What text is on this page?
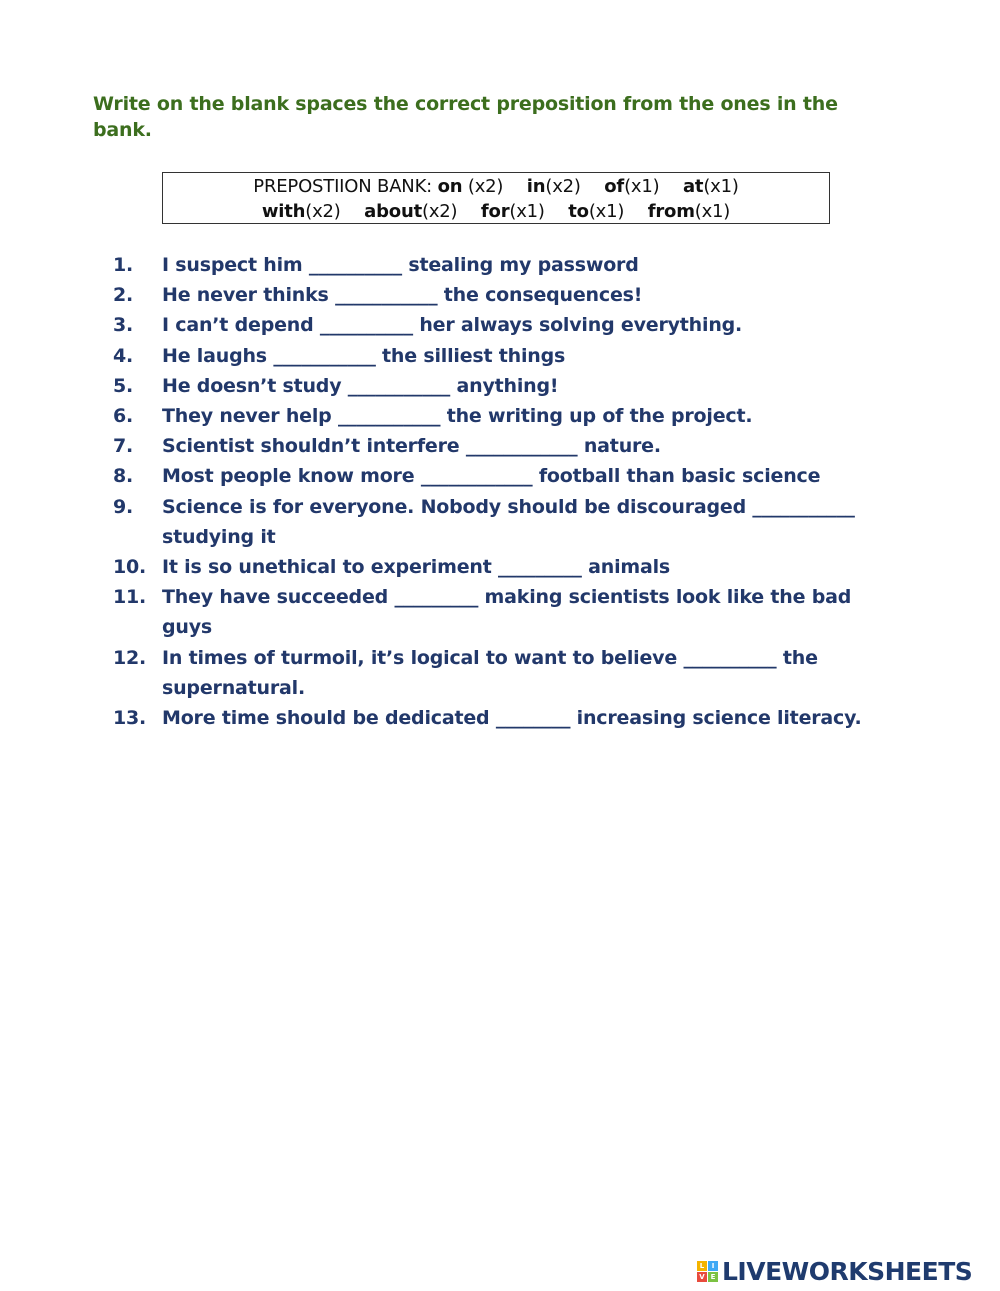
Write on the blank spaces the correct preposition from the ones in the bank.
PREPOSTIION BANK: on (x2) in(x2) of(x1) at(x1)
with(x2) about(x2) for(x1) to(x1) from(x1)
1.	I suspect him __________ stealing my password
2.	He never thinks ___________ the consequences!
3.	I can’t depend __________ her always solving everything.
4.	He laughs ___________ the silliest things
5.	He doesn’t study ___________ anything!
6.	They never help ___________ the writing up of the project.
7.	Scientist shouldn’t interfere ____________ nature.
8.	Most people know more ____________ football than basic science
9.	Science is for everyone. Nobody should be discouraged ___________ studying it
10. It is so unethical to experiment _________ animals
11. They have succeeded _________ making scientists look like the bad guys
12. In times of turmoil, it’s logical to want to believe __________ the supernatural.
13. More time should be dedicated ________ increasing science literacy.
L	I
V E LIVEWORKSHEETS
